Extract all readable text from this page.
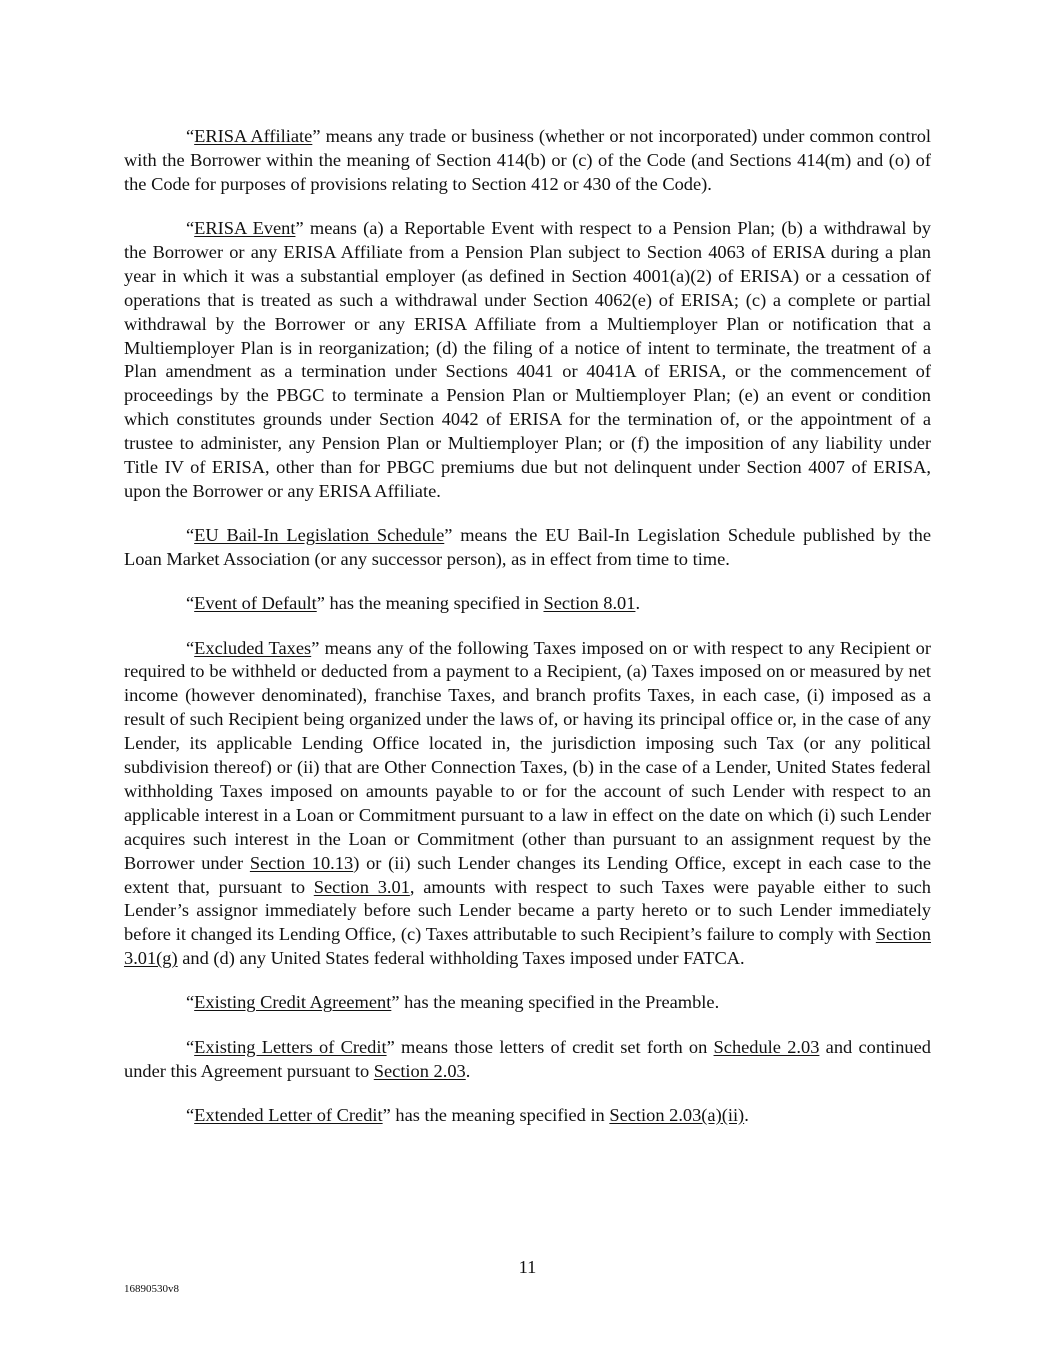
“ERISA Affiliate” means any trade or business (whether or not incorporated) under common control with the Borrower within the meaning of Section 414(b) or (c) of the Code (and Sections 414(m) and (o) of the Code for purposes of provisions relating to Section 412 or 430 of the Code).

“ERISA Event” means (a) a Reportable Event with respect to a Pension Plan; (b) a withdrawal by the Borrower or any ERISA Affiliate from a Pension Plan subject to Section 4063 of ERISA during a plan year in which it was a substantial employer (as defined in Section 4001(a)(2) of ERISA) or a cessation of operations that is treated as such a withdrawal under Section 4062(e) of ERISA; (c) a complete or partial withdrawal by the Borrower or any ERISA Affiliate from a Multiemployer Plan or notification that a Multiemployer Plan is in reorganization; (d) the filing of a notice of intent to terminate, the treatment of a Plan amendment as a termination under Sections 4041 or 4041A of ERISA, or the commencement of proceedings by the PBGC to terminate a Pension Plan or Multiemployer Plan; (e) an event or condition which constitutes grounds under Section 4042 of ERISA for the termination of, or the appointment of a trustee to administer, any Pension Plan or Multiemployer Plan; or (f) the imposition of any liability under Title IV of ERISA, other than for PBGC premiums due but not delinquent under Section 4007 of ERISA, upon the Borrower or any ERISA Affiliate.

“EU Bail-In Legislation Schedule” means the EU Bail-In Legislation Schedule published by the Loan Market Association (or any successor person), as in effect from time to time.

“Event of Default” has the meaning specified in Section 8.01.

“Excluded Taxes” means any of the following Taxes imposed on or with respect to any Recipient or required to be withheld or deducted from a payment to a Recipient, (a) Taxes imposed on or measured by net income (however denominated), franchise Taxes, and branch profits Taxes, in each case, (i) imposed as a result of such Recipient being organized under the laws of, or having its principal office or, in the case of any Lender, its applicable Lending Office located in, the jurisdiction imposing such Tax (or any political subdivision thereof) or (ii) that are Other Connection Taxes, (b) in the case of a Lender, United States federal withholding Taxes imposed on amounts payable to or for the account of such Lender with respect to an applicable interest in a Loan or Commitment pursuant to a law in effect on the date on which (i) such Lender acquires such interest in the Loan or Commitment (other than pursuant to an assignment request by the Borrower under Section 10.13) or (ii) such Lender changes its Lending Office, except in each case to the extent that, pursuant to Section 3.01, amounts with respect to such Taxes were payable either to such Lender’s assignor immediately before such Lender became a party hereto or to such Lender immediately before it changed its Lending Office, (c) Taxes attributable to such Recipient’s failure to comply with Section 3.01(g) and (d) any United States federal withholding Taxes imposed under FATCA.

“Existing Credit Agreement” has the meaning specified in the Preamble.

“Existing Letters of Credit” means those letters of credit set forth on Schedule 2.03 and continued under this Agreement pursuant to Section 2.03.

“Extended Letter of Credit” has the meaning specified in Section 2.03(a)(ii).

11
16890530v8
